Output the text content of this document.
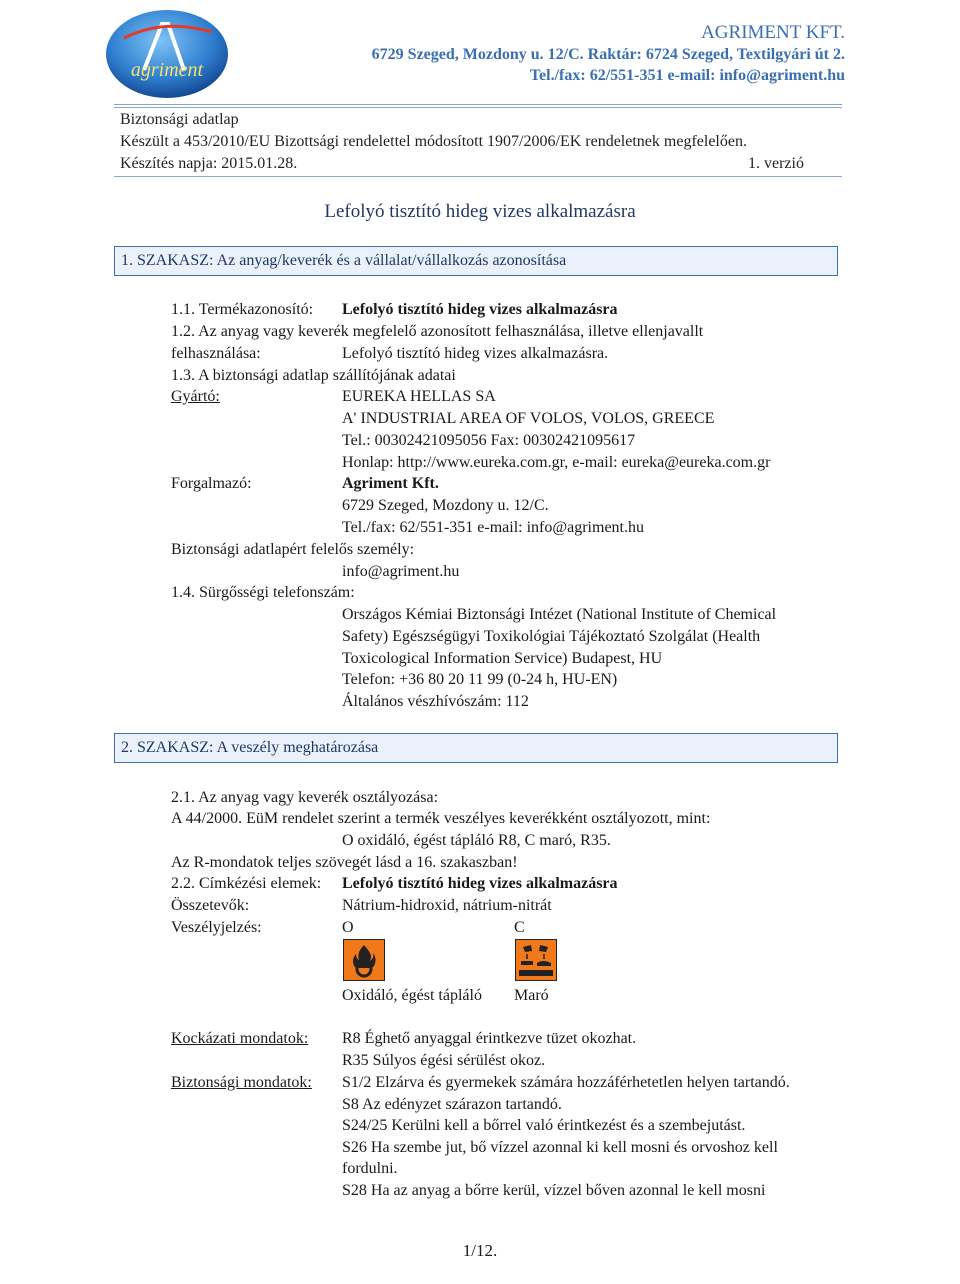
agriment
AGRIMENT KFT.
6729 Szeged, Mozdony u. 12/C. Raktár: 6724 Szeged, Textilgyári út 2.
Tel./fax: 62/551-351 e-mail: info@agriment.hu
Biztonsági adatlap
Készült a 453/2010/EU Bizottsági rendelettel módosított 1907/2006/EK rendeletnek megfelelően.
Készítés napja: 2015.01.28.	1. verzió
Lefolyó tisztító hideg vizes alkalmazásra
1. SZAKASZ: Az anyag/keverék és a vállalat/vállalkozás azonosítása
1.1. Termékazonosító: Lefolyó tisztító hideg vizes alkalmazásra
1.2. Az anyag vagy keverék megfelelő azonosított felhasználása, illetve ellenjavallt
felhasználása:	Lefolyó tisztító hideg vizes alkalmazásra.
1.3. A biztonsági adatlap szállítójának adatai
Gyártó:	EUREKA HELLAS SA
A' INDUSTRIAL AREA OF VOLOS, VOLOS, GREECE
Tel.: 00302421095056 Fax: 00302421095617
Honlap: http://www.eureka.com.gr, e-mail: eureka@eureka.com.gr
Forgalmazó:	Agriment Kft.
6729 Szeged, Mozdony u. 12/C.
Tel./fax: 62/551-351 e-mail: info@agriment.hu
Biztonsági adatlapért felelős személy:
info@agriment.hu
1.4. Sürgősségi telefonszám:
Országos Kémiai Biztonsági Intézet (National Institute of Chemical
Safety) Egészségügyi Toxikológiai Tájékoztató Szolgálat (Health
Toxicological Information Service) Budapest, HU
Telefon: +36 80 20 11 99 (0-24 h, HU-EN)
Általános vészhívószám: 112
2. SZAKASZ: A veszély meghatározása
2.1. Az anyag vagy keverék osztályozása:
A 44/2000. EüM rendelet szerint a termék veszélyes keverékként osztályozott, mint:
O oxidáló, égést tápláló R8, C maró, R35.
Az R-mondatok teljes szövegét lásd a 16. szakaszban!
2.2. Címkézési elemek: Lefolyó tisztító hideg vizes alkalmazásra
Összetevők:	Nátrium-hidroxid, nátrium-nitrát
Veszélyjelzés:	O	C
Oxidáló, égést tápláló Maró
Kockázati mondatok: R8 Éghető anyaggal érintkezve tüzet okozhat.
R35 Súlyos égési sérülést okoz.
Biztonsági mondatok: S1/2 Elzárva és gyermekek számára hozzáférhetetlen helyen tartandó.
S8 Az edényzet szárazon tartandó.
S24/25 Kerülni kell a bőrrel való érintkezést és a szembejutást.
S26 Ha szembe jut, bő vízzel azonnal ki kell mosni és orvoshoz kell
fordulni.
S28 Ha az anyag a bőrre kerül, vízzel bőven azonnal le kell mosni
1/12.
